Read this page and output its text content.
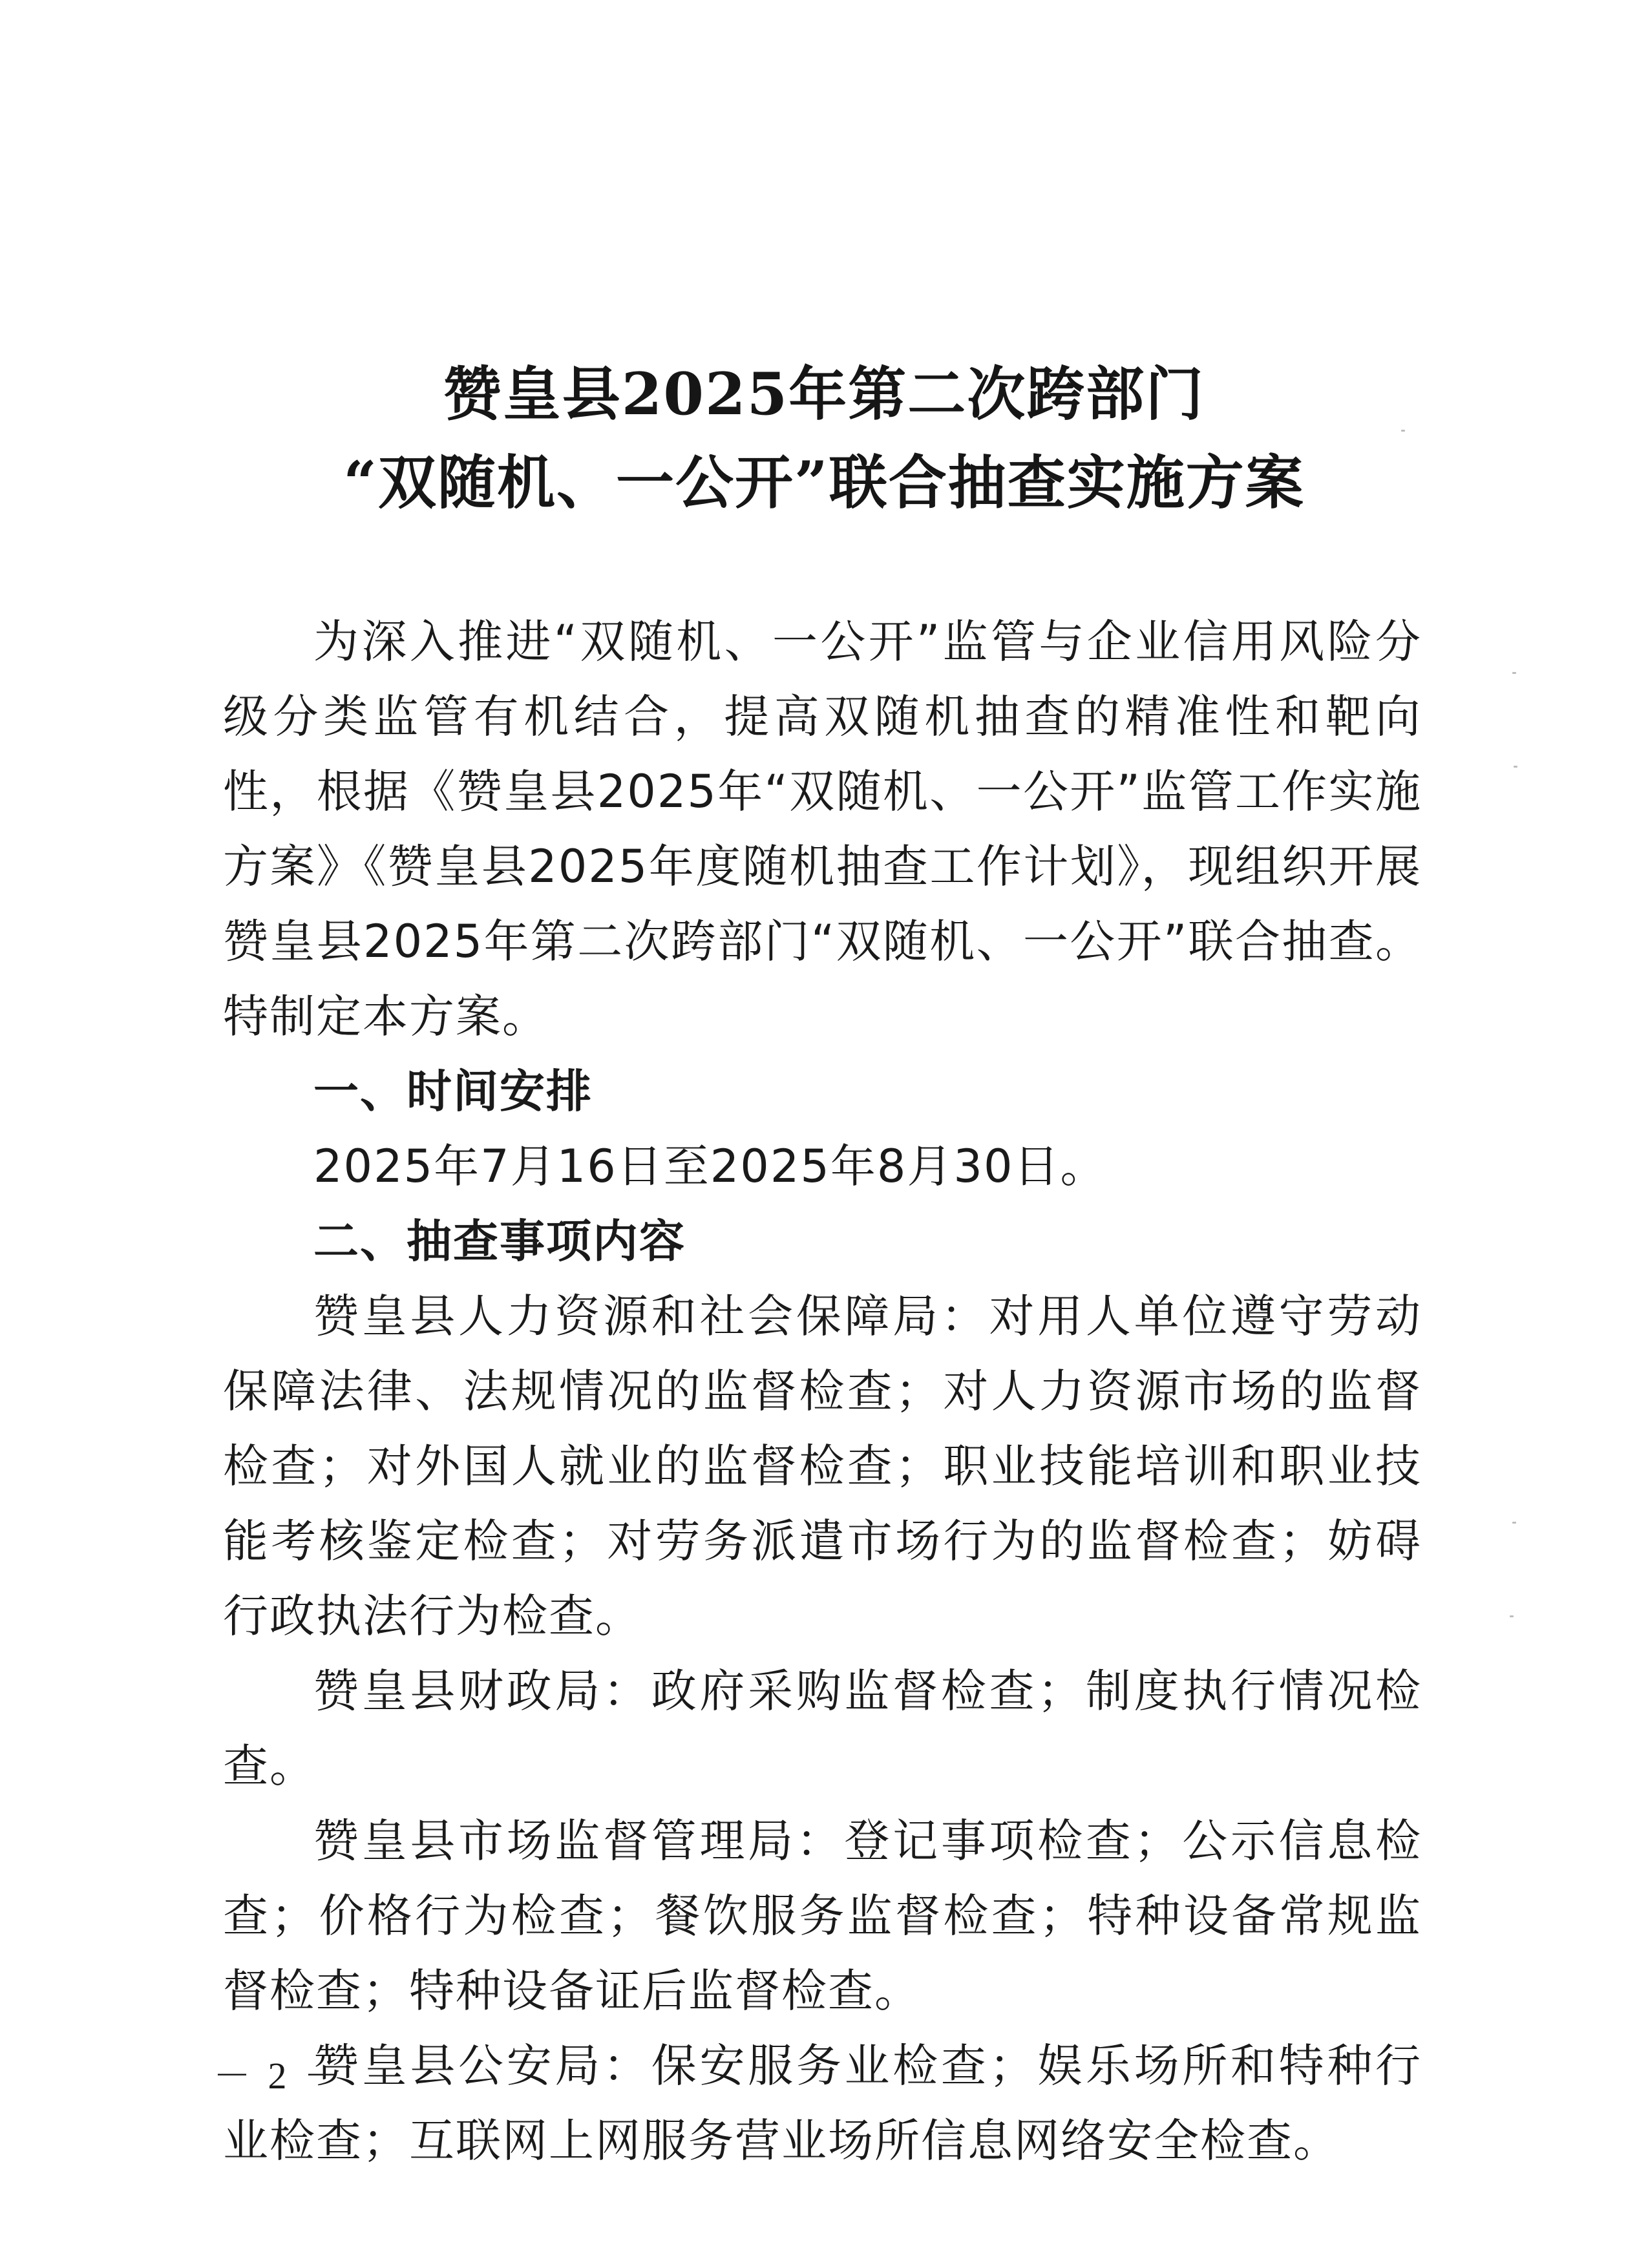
赞皇县2025年第二次跨部门
“双随机、一公开”联合抽查实施方案

为深入推进“双随机、一公开”监管与企业信用风险分级分类监管有机结合，提高双随机抽查的精准性和靶向性，根据《赞皇县2025年“双随机、一公开”监管工作实施方案》《赞皇县2025年度随机抽查工作计划》，现组织开展赞皇县2025年第二次跨部门“双随机、一公开”联合抽查。特制定本方案。

一、时间安排

2025年7月16日至2025年8月30日。

二、抽查事项内容

赞皇县人力资源和社会保障局：对用人单位遵守劳动保障法律、法规情况的监督检查；对人力资源市场的监督检查；对外国人就业的监督检查；职业技能培训和职业技能考核鉴定检查；对劳务派遣市场行为的监督检查；妨碍行政执法行为检查。

赞皇县财政局：政府采购监督检查；制度执行情况检查。

赞皇县市场监督管理局：登记事项检查；公示信息检查；价格行为检查；餐饮服务监督检查；特种设备常规监督检查；特种设备证后监督检查。

赞皇县公安局：保安服务业检查；娱乐场所和特种行业检查；互联网上网服务营业场所信息网络安全检查。

－ 2 －
